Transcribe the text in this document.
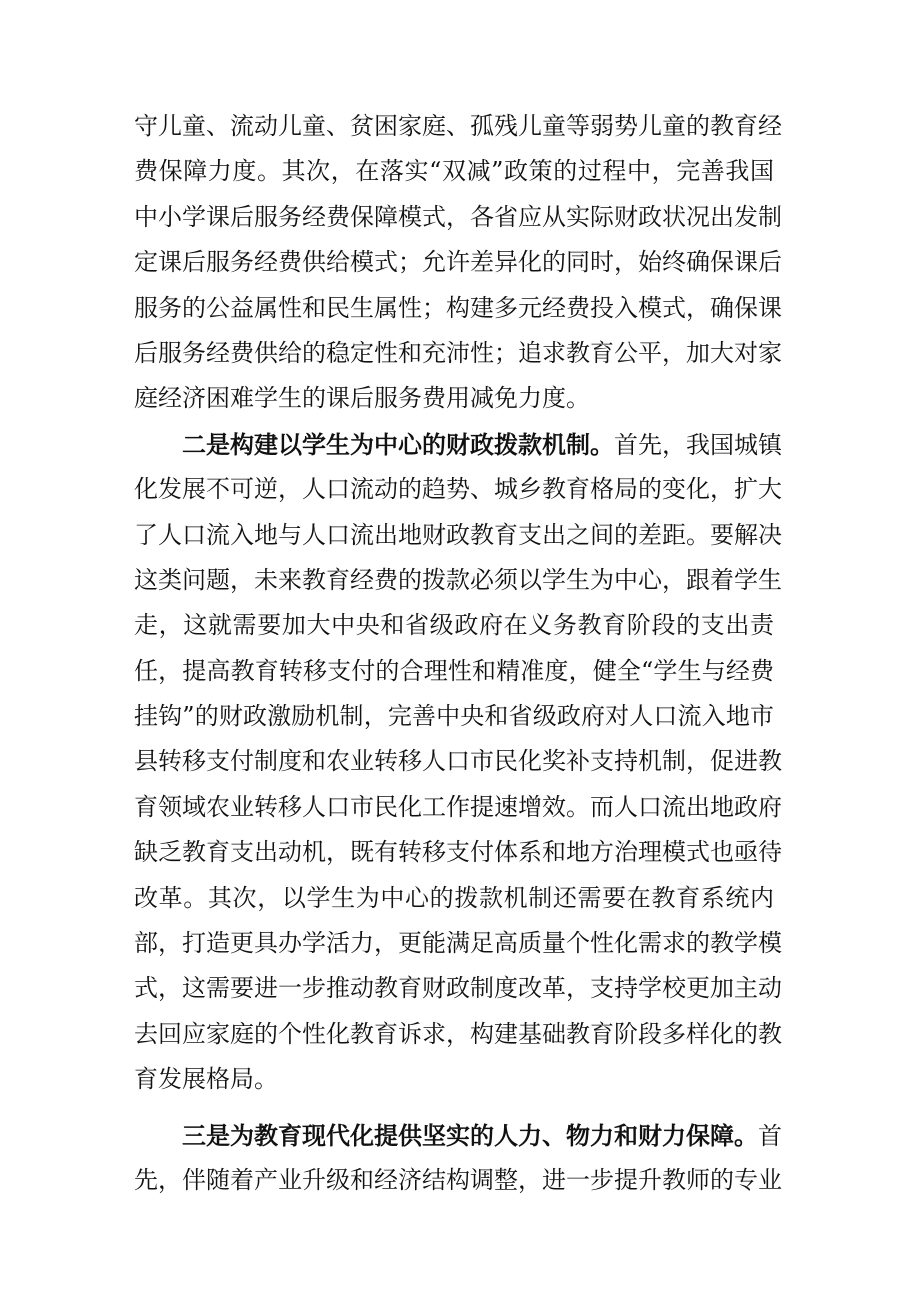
守儿童、流动儿童、贫困家庭、孤残儿童等弱势儿童的教育经
费保障力度。其次，在落实“双减”政策的过程中，完善我国
中小学课后服务经费保障模式，各省应从实际财政状况出发制
定课后服务经费供给模式；允许差异化的同时，始终确保课后
服务的公益属性和民生属性；构建多元经费投入模式，确保课
后服务经费供给的稳定性和充沛性；追求教育公平，加大对家
庭经济困难学生的课后服务费用减免力度。
二是构建以学生为中心的财政拨款机制。首先，我国城镇
化发展不可逆，人口流动的趋势、城乡教育格局的变化，扩大
了人口流入地与人口流出地财政教育支出之间的差距。要解决
这类问题，未来教育经费的拨款必须以学生为中心，跟着学生
走，这就需要加大中央和省级政府在义务教育阶段的支出责
任，提高教育转移支付的合理性和精准度，健全“学生与经费
挂钩”的财政激励机制，完善中央和省级政府对人口流入地市
县转移支付制度和农业转移人口市民化奖补支持机制，促进教
育领域农业转移人口市民化工作提速增效。而人口流出地政府
缺乏教育支出动机，既有转移支付体系和地方治理模式也亟待
改革。其次，以学生为中心的拨款机制还需要在教育系统内
部，打造更具办学活力，更能满足高质量个性化需求的教学模
式，这需要进一步推动教育财政制度改革，支持学校更加主动
去回应家庭的个性化教育诉求，构建基础教育阶段多样化的教
育发展格局。
三是为教育现代化提供坚实的人力、物力和财力保障。首
先，伴随着产业升级和经济结构调整，进一步提升教师的专业
